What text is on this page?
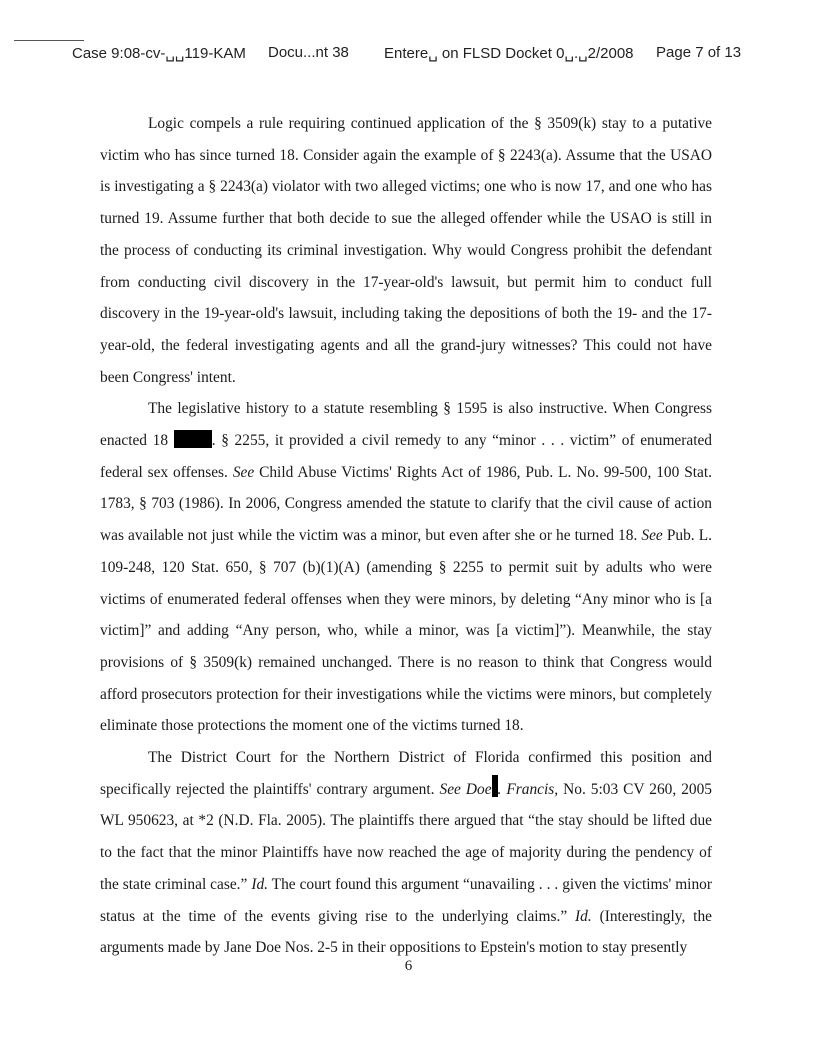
Case 9:08-cv-␣␣119-KAM Docu...nt 38 Entere␣ on FLSD Docket 0␣.␣2/2008 Page 7 of 13

Logic compels a rule requiring continued application of the § 3509(k) stay to a putative victim who has since turned 18. Consider again the example of § 2243(a). Assume that the USAO is investigating a § 2243(a) violator with two alleged victims; one who is now 17, and one who has turned 19. Assume further that both decide to sue the alleged offender while the USAO is still in the process of conducting its criminal investigation. Why would Congress prohibit the defendant from conducting civil discovery in the 17-year-old's lawsuit, but permit him to conduct full discovery in the 19-year-old's lawsuit, including taking the depositions of both the 19- and the 17-year-old, the federal investigating agents and all the grand-jury witnesses? This could not have been Congress' intent.

The legislative history to a statute resembling § 1595 is also instructive. When Congress enacted 18	. § 2255, it provided a civil remedy to any “minor . . . victim” of enumerated federal sex offenses. See Child Abuse Victims' Rights Act of 1986, Pub. L. No. 99-500, 100 Stat. 1783, § 703 (1986). In 2006, Congress amended the statute to clarify that the civil cause of action was available not just while the victim was a minor, but even after she or he turned 18. See Pub. L. 109-248, 120 Stat. 650, § 707 (b)(1)(A) (amending § 2255 to permit suit by adults who were victims of enumerated federal offenses when they were minors, by deleting “Any minor who is [a victim]” and adding “Any person, who, while a minor, was [a victim]”). Meanwhile, the stay provisions of § 3509(k) remained unchanged. There is no reason to think that Congress would afford prosecutors protection for their investigations while the victims were minors, but completely eliminate those protections the moment one of the victims turned 18.

The District Court for the Northern District of Florida confirmed this position and specifically rejected the plaintiffs' contrary argument. See Doe . Francis, No. 5:03 CV 260, 2005 WL 950623, at *2 (N.D. Fla. 2005). The plaintiffs there argued that “the stay should be lifted due to the fact that the minor Plaintiffs have now reached the age of majority during the pendency of the state criminal case.” Id. The court found this argument “unavailing . . . given the victims' minor status at the time of the events giving rise to the underlying claims.” Id. (Interestingly, the arguments made by Jane Doe Nos. 2-5 in their oppositions to Epstein's motion to stay presently

6
